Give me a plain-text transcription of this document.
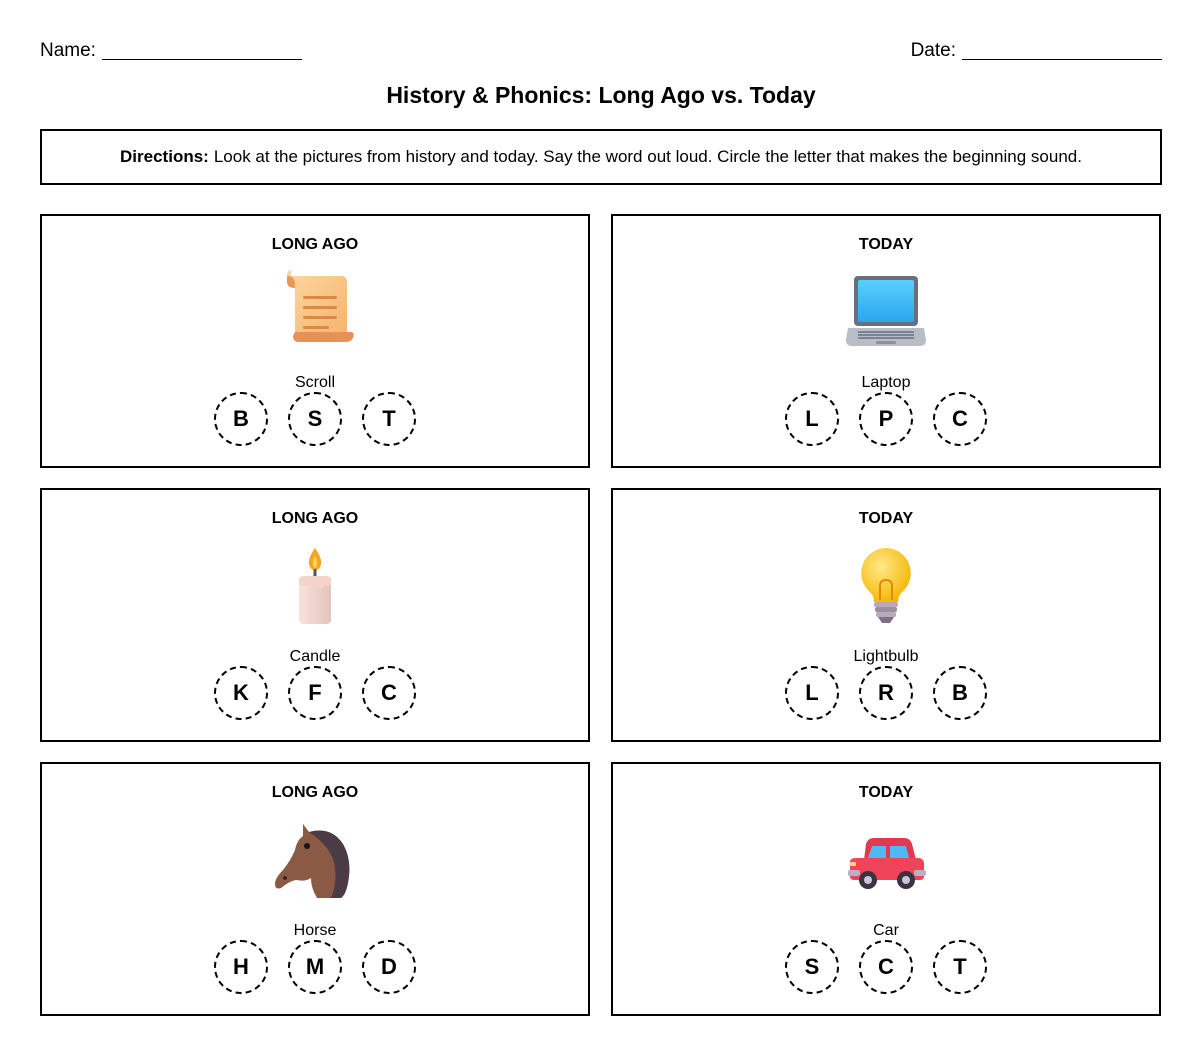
Name:	Date:
History & Phonics: Long Ago vs. Today
Directions: Look at the pictures from history and today. Say the word out loud. Circle the letter that makes the beginning sound.
LONG AGO
Scroll
B	S	T
TODAY
Laptop
L	P	C
LONG AGO
Candle
K	F	C
TODAY
Lightbulb
L	R	B
LONG AGO
Horse
H	M	D
TODAY
Car
S	C	T
